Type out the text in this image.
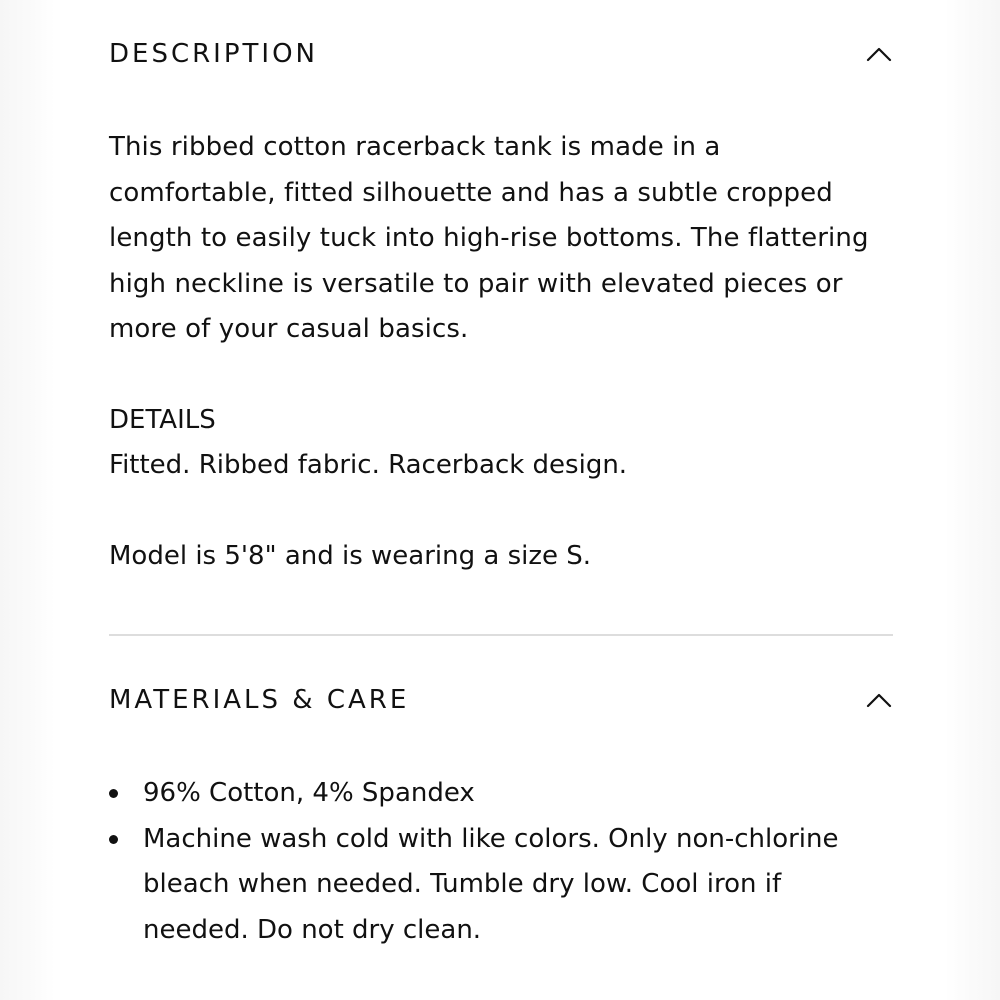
DESCRIPTION
This ribbed cotton racerback tank is made in a comfortable, fitted silhouette and has a subtle cropped length to easily tuck into high-rise bottoms. The flattering high neckline is versatile to pair with elevated pieces or more of your casual basics.
DETAILS
Fitted. Ribbed fabric. Racerback design.
Model is 5'8" and is wearing a size S.
MATERIALS & CARE
96% Cotton, 4% Spandex
Machine wash cold with like colors. Only non-chlorine bleach when needed. Tumble dry low. Cool iron if needed. Do not dry clean.
